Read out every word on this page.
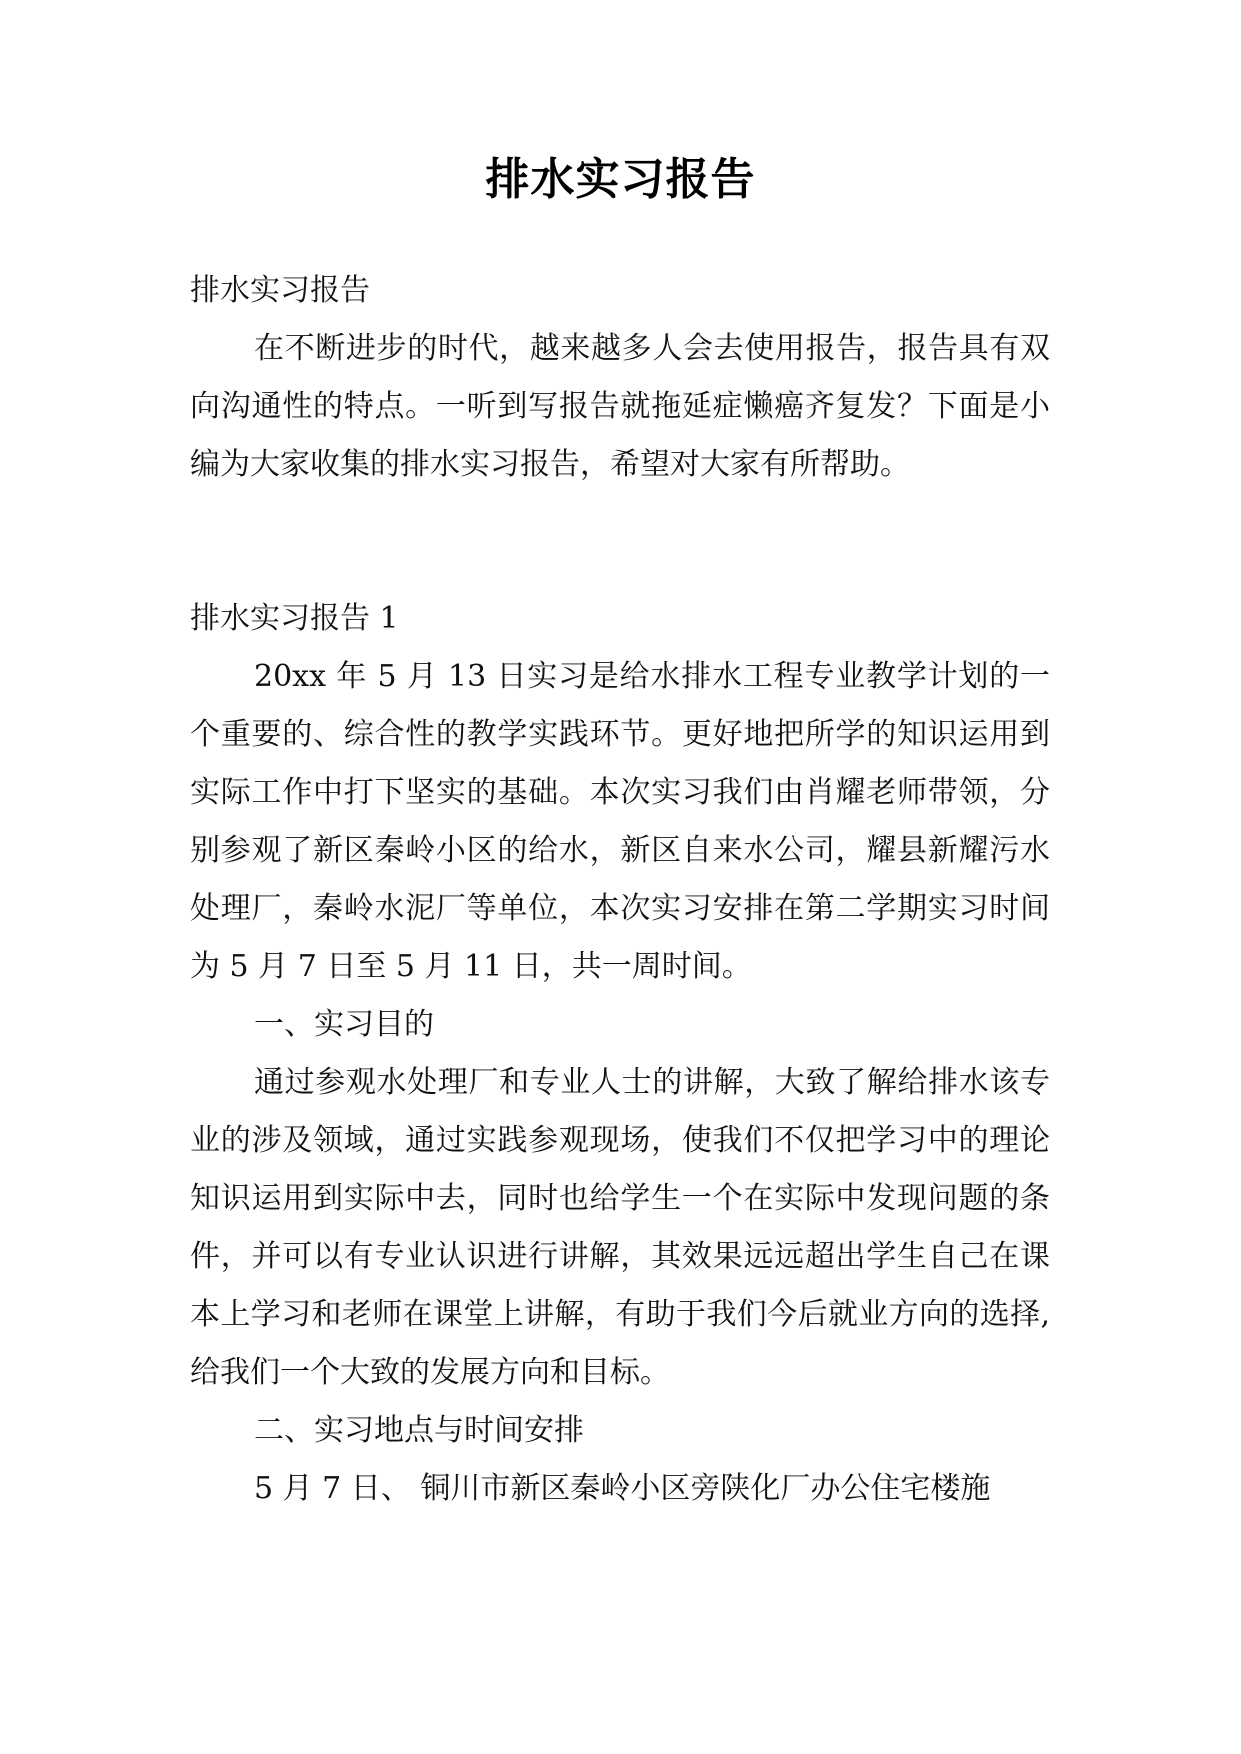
排水实习报告

排水实习报告

在不断进步的时代，越来越多人会去使用报告，报告具有双向沟通性的特点。一听到写报告就拖延症懒癌齐复发？下面是小编为大家收集的排水实习报告，希望对大家有所帮助。

排水实习报告 1

20xx 年 5 月 13 日实习是给水排水工程专业教学计划的一个重要的、综合性的教学实践环节。更好地把所学的知识运用到实际工作中打下坚实的基础。本次实习我们由肖耀老师带领，分别参观了新区秦岭小区的给水，新区自来水公司，耀县新耀污水处理厂，秦岭水泥厂等单位，本次实习安排在第二学期实习时间为 5 月 7 日至 5 月 11 日，共一周时间。

一、实习目的

通过参观水处理厂和专业人士的讲解，大致了解给排水该专业的涉及领域，通过实践参观现场，使我们不仅把学习中的理论知识运用到实际中去，同时也给学生一个在实际中发现问题的条件，并可以有专业认识进行讲解，其效果远远超出学生自己在课本上学习和老师在课堂上讲解，有助于我们今后就业方向的选择,给我们一个大致的发展方向和目标。

二、实习地点与时间安排

5 月 7 日、 铜川市新区秦岭小区旁陕化厂办公住宅楼施
